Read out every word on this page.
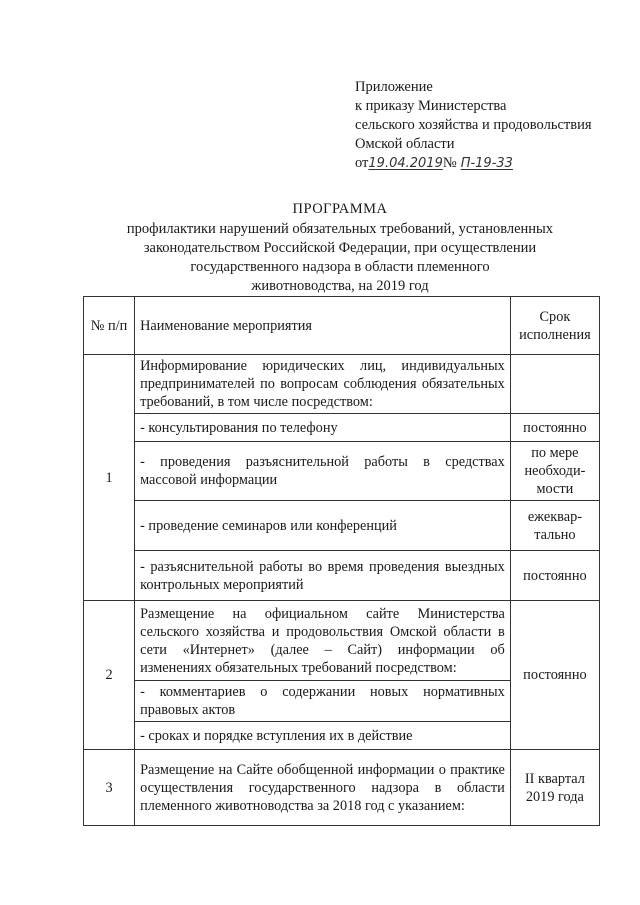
Приложение
к приказу Министерства
сельского хозяйства и продовольствия
Омской области
от19.04.2019№ П-19-33
ПРОГРАММА
профилактики нарушений обязательных требований, установленных
законодательством Российской Федерации, при осуществлении
государственного надзора в области племенного
животноводства, на 2019 год
№ п/п	Наименование мероприятия	Срок исполнения
1	Информирование юридических лиц, индивидуальных предпринимателей по вопросам соблюдения обязательных требований, в том числе посредством:	
	- консультирования по телефону	постоянно
	- проведения разъяснительной работы в средствах массовой информации	по мере необходи-мости
	- проведение семинаров или конференций	ежеквар-тально
	- разъяснительной работы во время проведения выездных контрольных мероприятий	постоянно
2	Размещение на официальном сайте Министерства сельского хозяйства и продовольствия Омской области в сети «Интернет» (далее – Сайт) информации об изменениях обязательных требований посредством:	постоянно
	- комментариев о содержании новых нормативных правовых актов	
	- сроках и порядке вступления их в действие	
3	Размещение на Сайте обобщенной информации о практике осуществления государственного надзора в области племенного животноводства за 2018 год с указанием:	II квартал 2019 года
